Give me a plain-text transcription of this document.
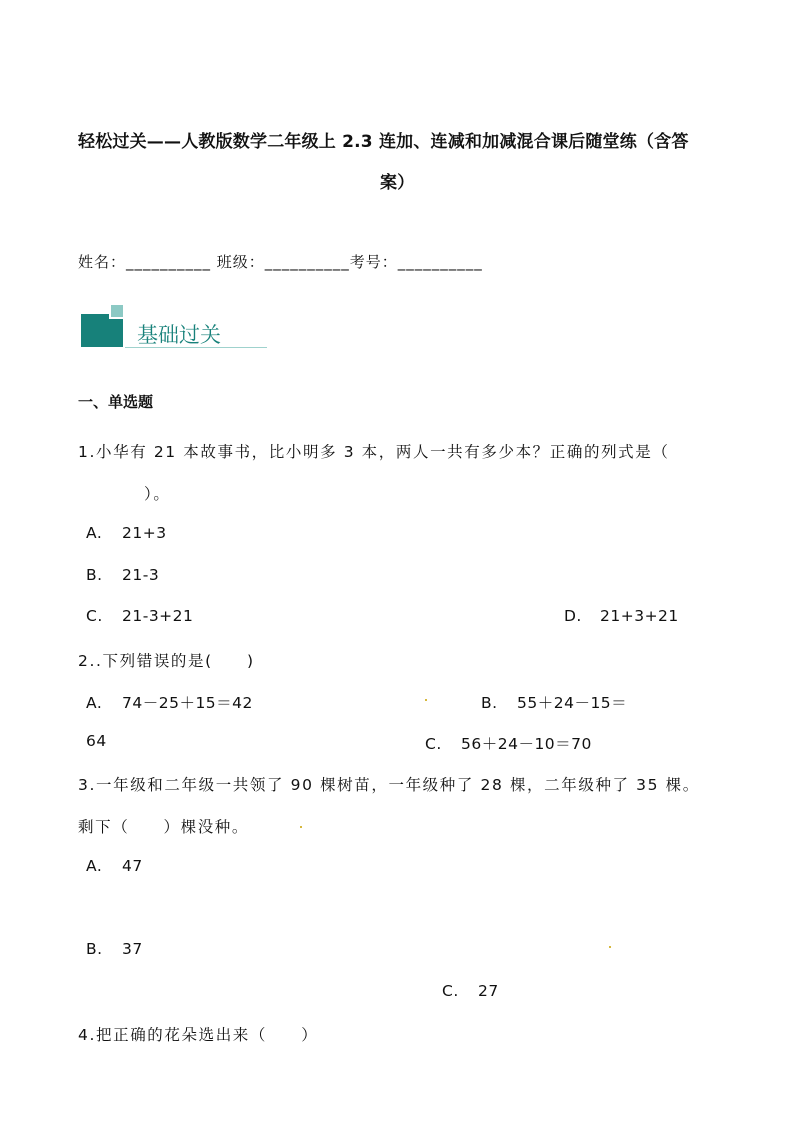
轻松过关——人教版数学二年级上 2.3 连加、连减和加减混合课后随堂练（含答
案）
姓名：__________ 班级：__________考号：__________
基础过关
一、单选题
1.小华有 21 本故事书，比小明多 3 本，两人一共有多少本？正确的列式是（
）。
A. 21+3
B. 21-3
C. 21-3+21	D. 21+3+21
2..下列错误的是(　　)
A. 74－25＋15＝42	B. 55＋24－15＝
64	C. 56＋24－10＝70
3.一年级和二年级一共领了 90 棵树苗，一年级种了 28 棵，二年级种了 35 棵。
剩下（　　）棵没种。
A. 47
B. 37
C. 27
4.把正确的花朵选出来（　　）
